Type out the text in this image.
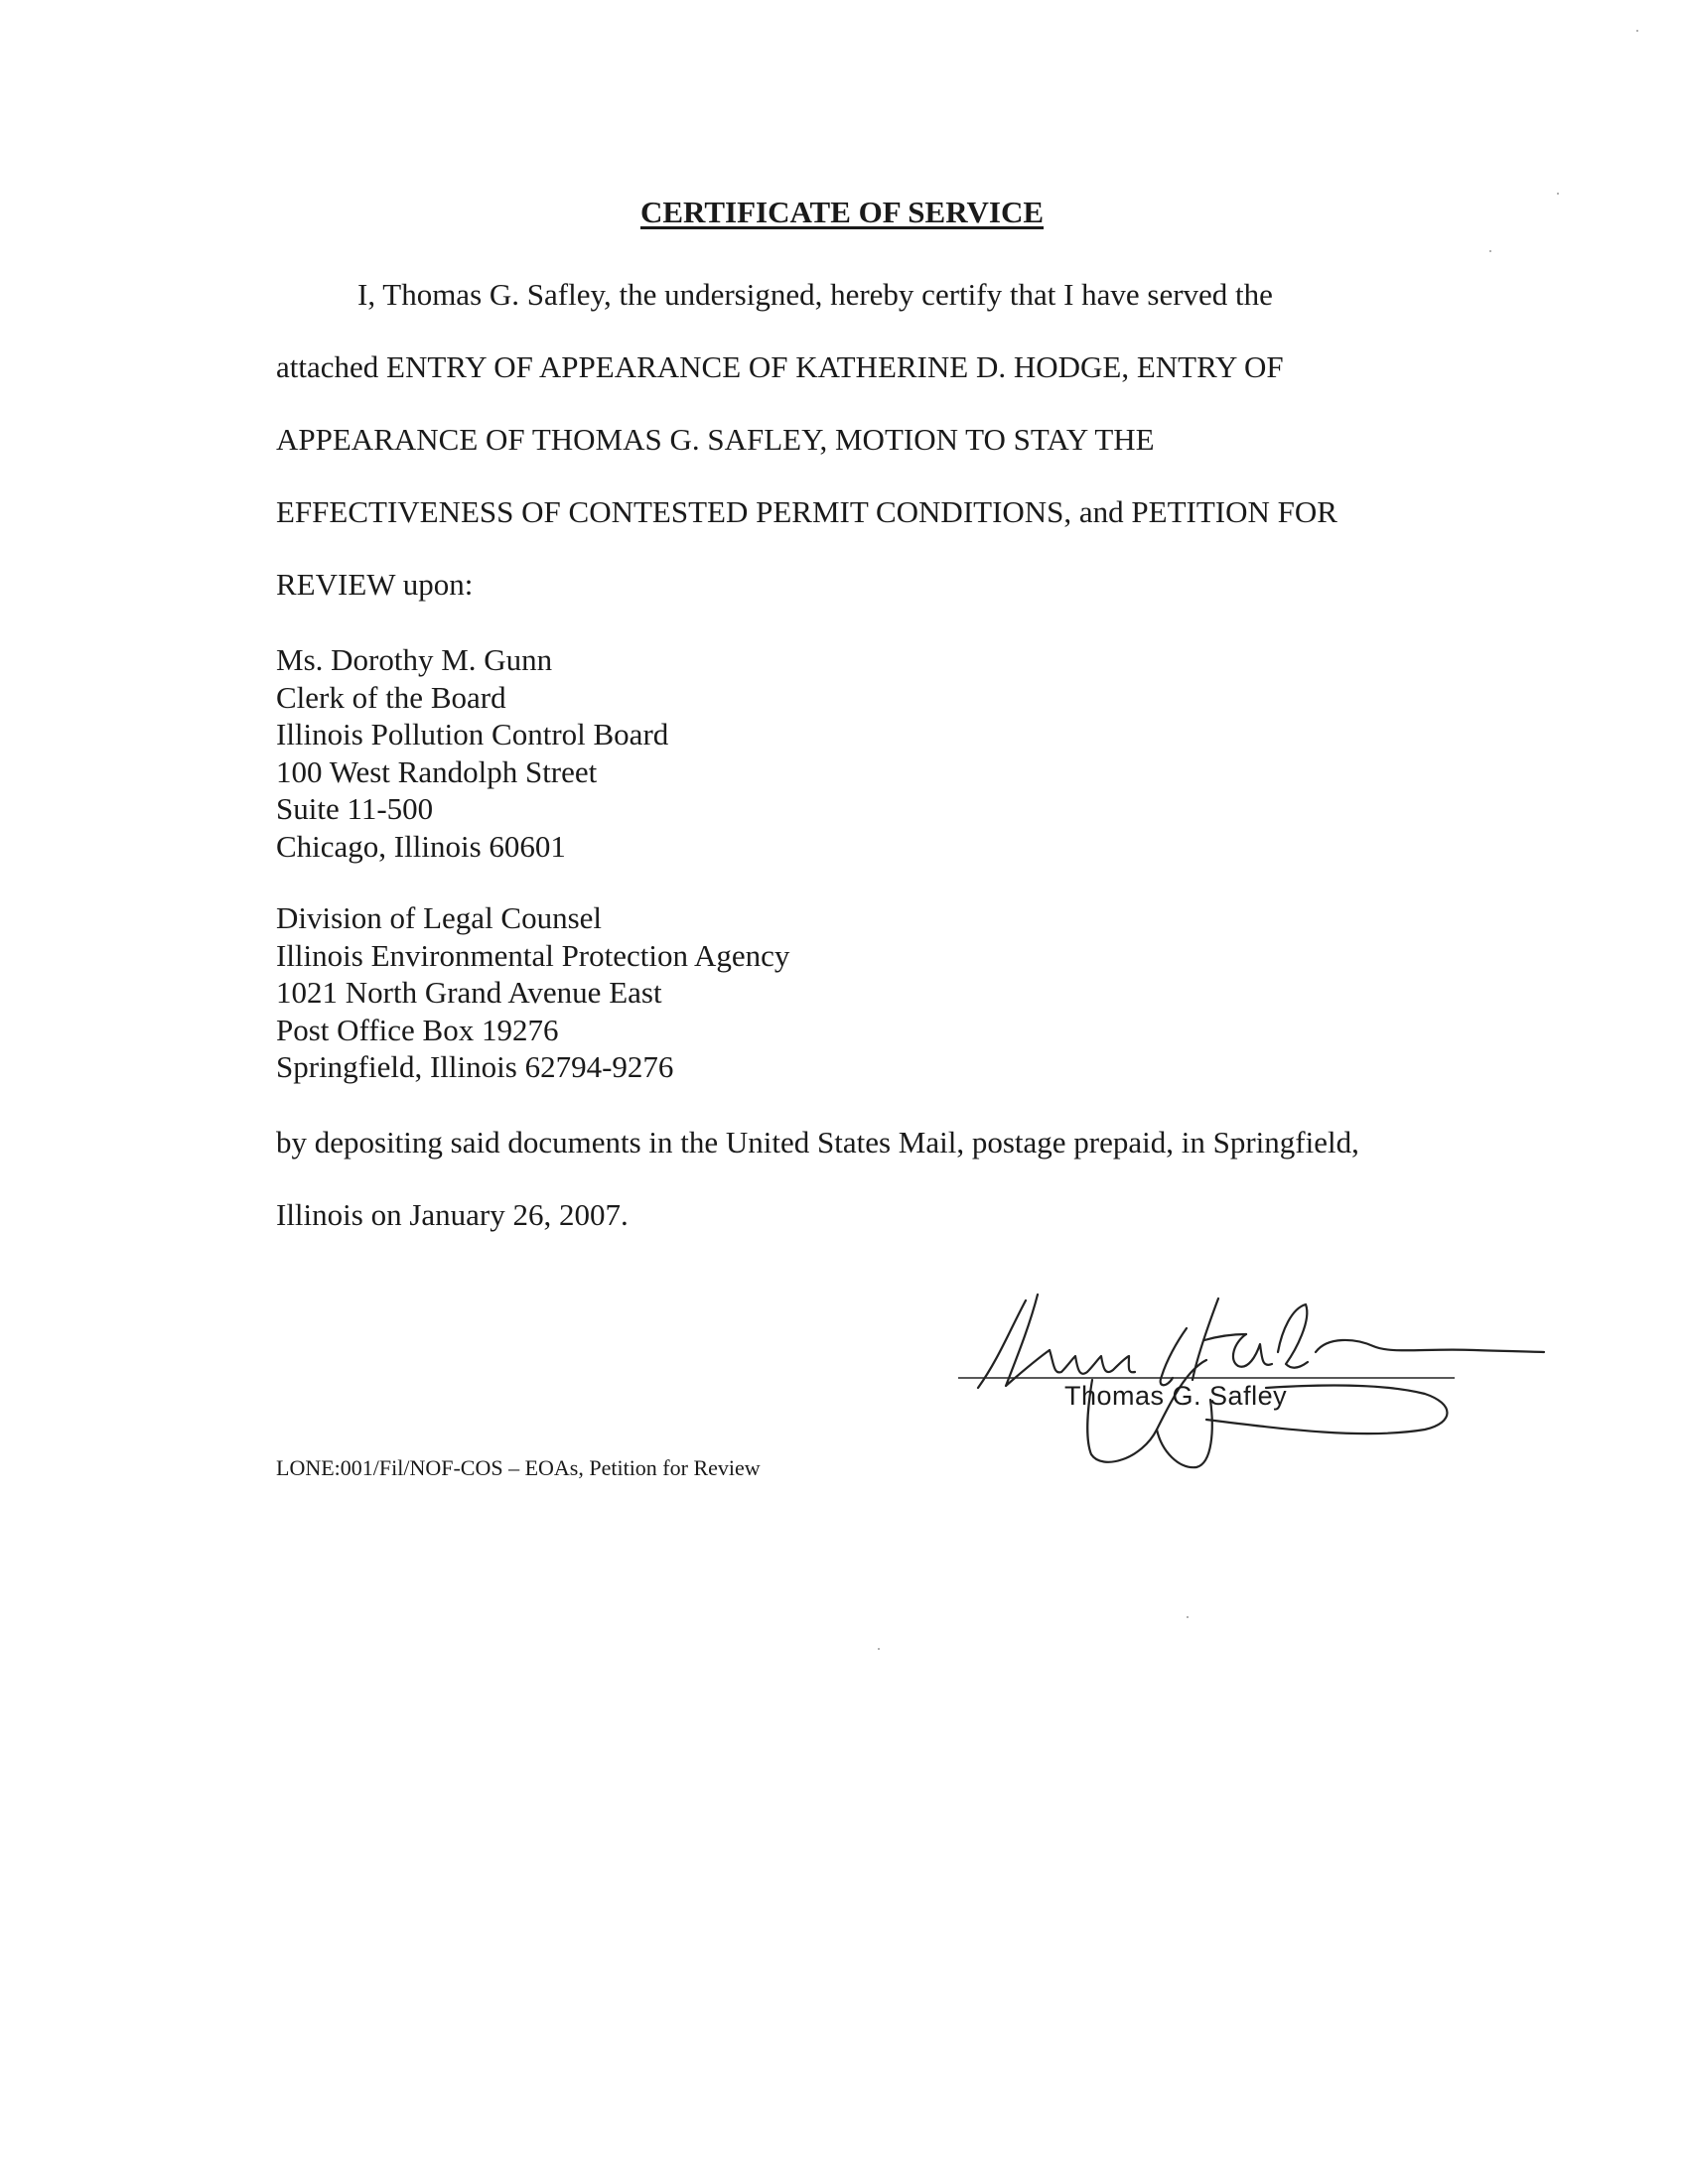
CERTIFICATE OF SERVICE

I, Thomas G. Safley, the undersigned, hereby certify that I have served the

attached ENTRY OF APPEARANCE OF KATHERINE D. HODGE, ENTRY OF

APPEARANCE OF THOMAS G. SAFLEY, MOTION TO STAY THE

EFFECTIVENESS OF CONTESTED PERMIT CONDITIONS, and PETITION FOR

REVIEW upon:

Ms. Dorothy M. Gunn
Clerk of the Board
Illinois Pollution Control Board
100 West Randolph Street
Suite 11-500
Chicago, Illinois 60601
Division of Legal Counsel
Illinois Environmental Protection Agency
1021 North Grand Avenue East
Post Office Box 19276
Springfield, Illinois 62794-9276

by depositing said documents in the United States Mail, postage prepaid, in Springfield,

Illinois on January 26, 2007.

Thomas G. Safley

LONE:001/Fil/NOF-COS – EOAs, Petition for Review
